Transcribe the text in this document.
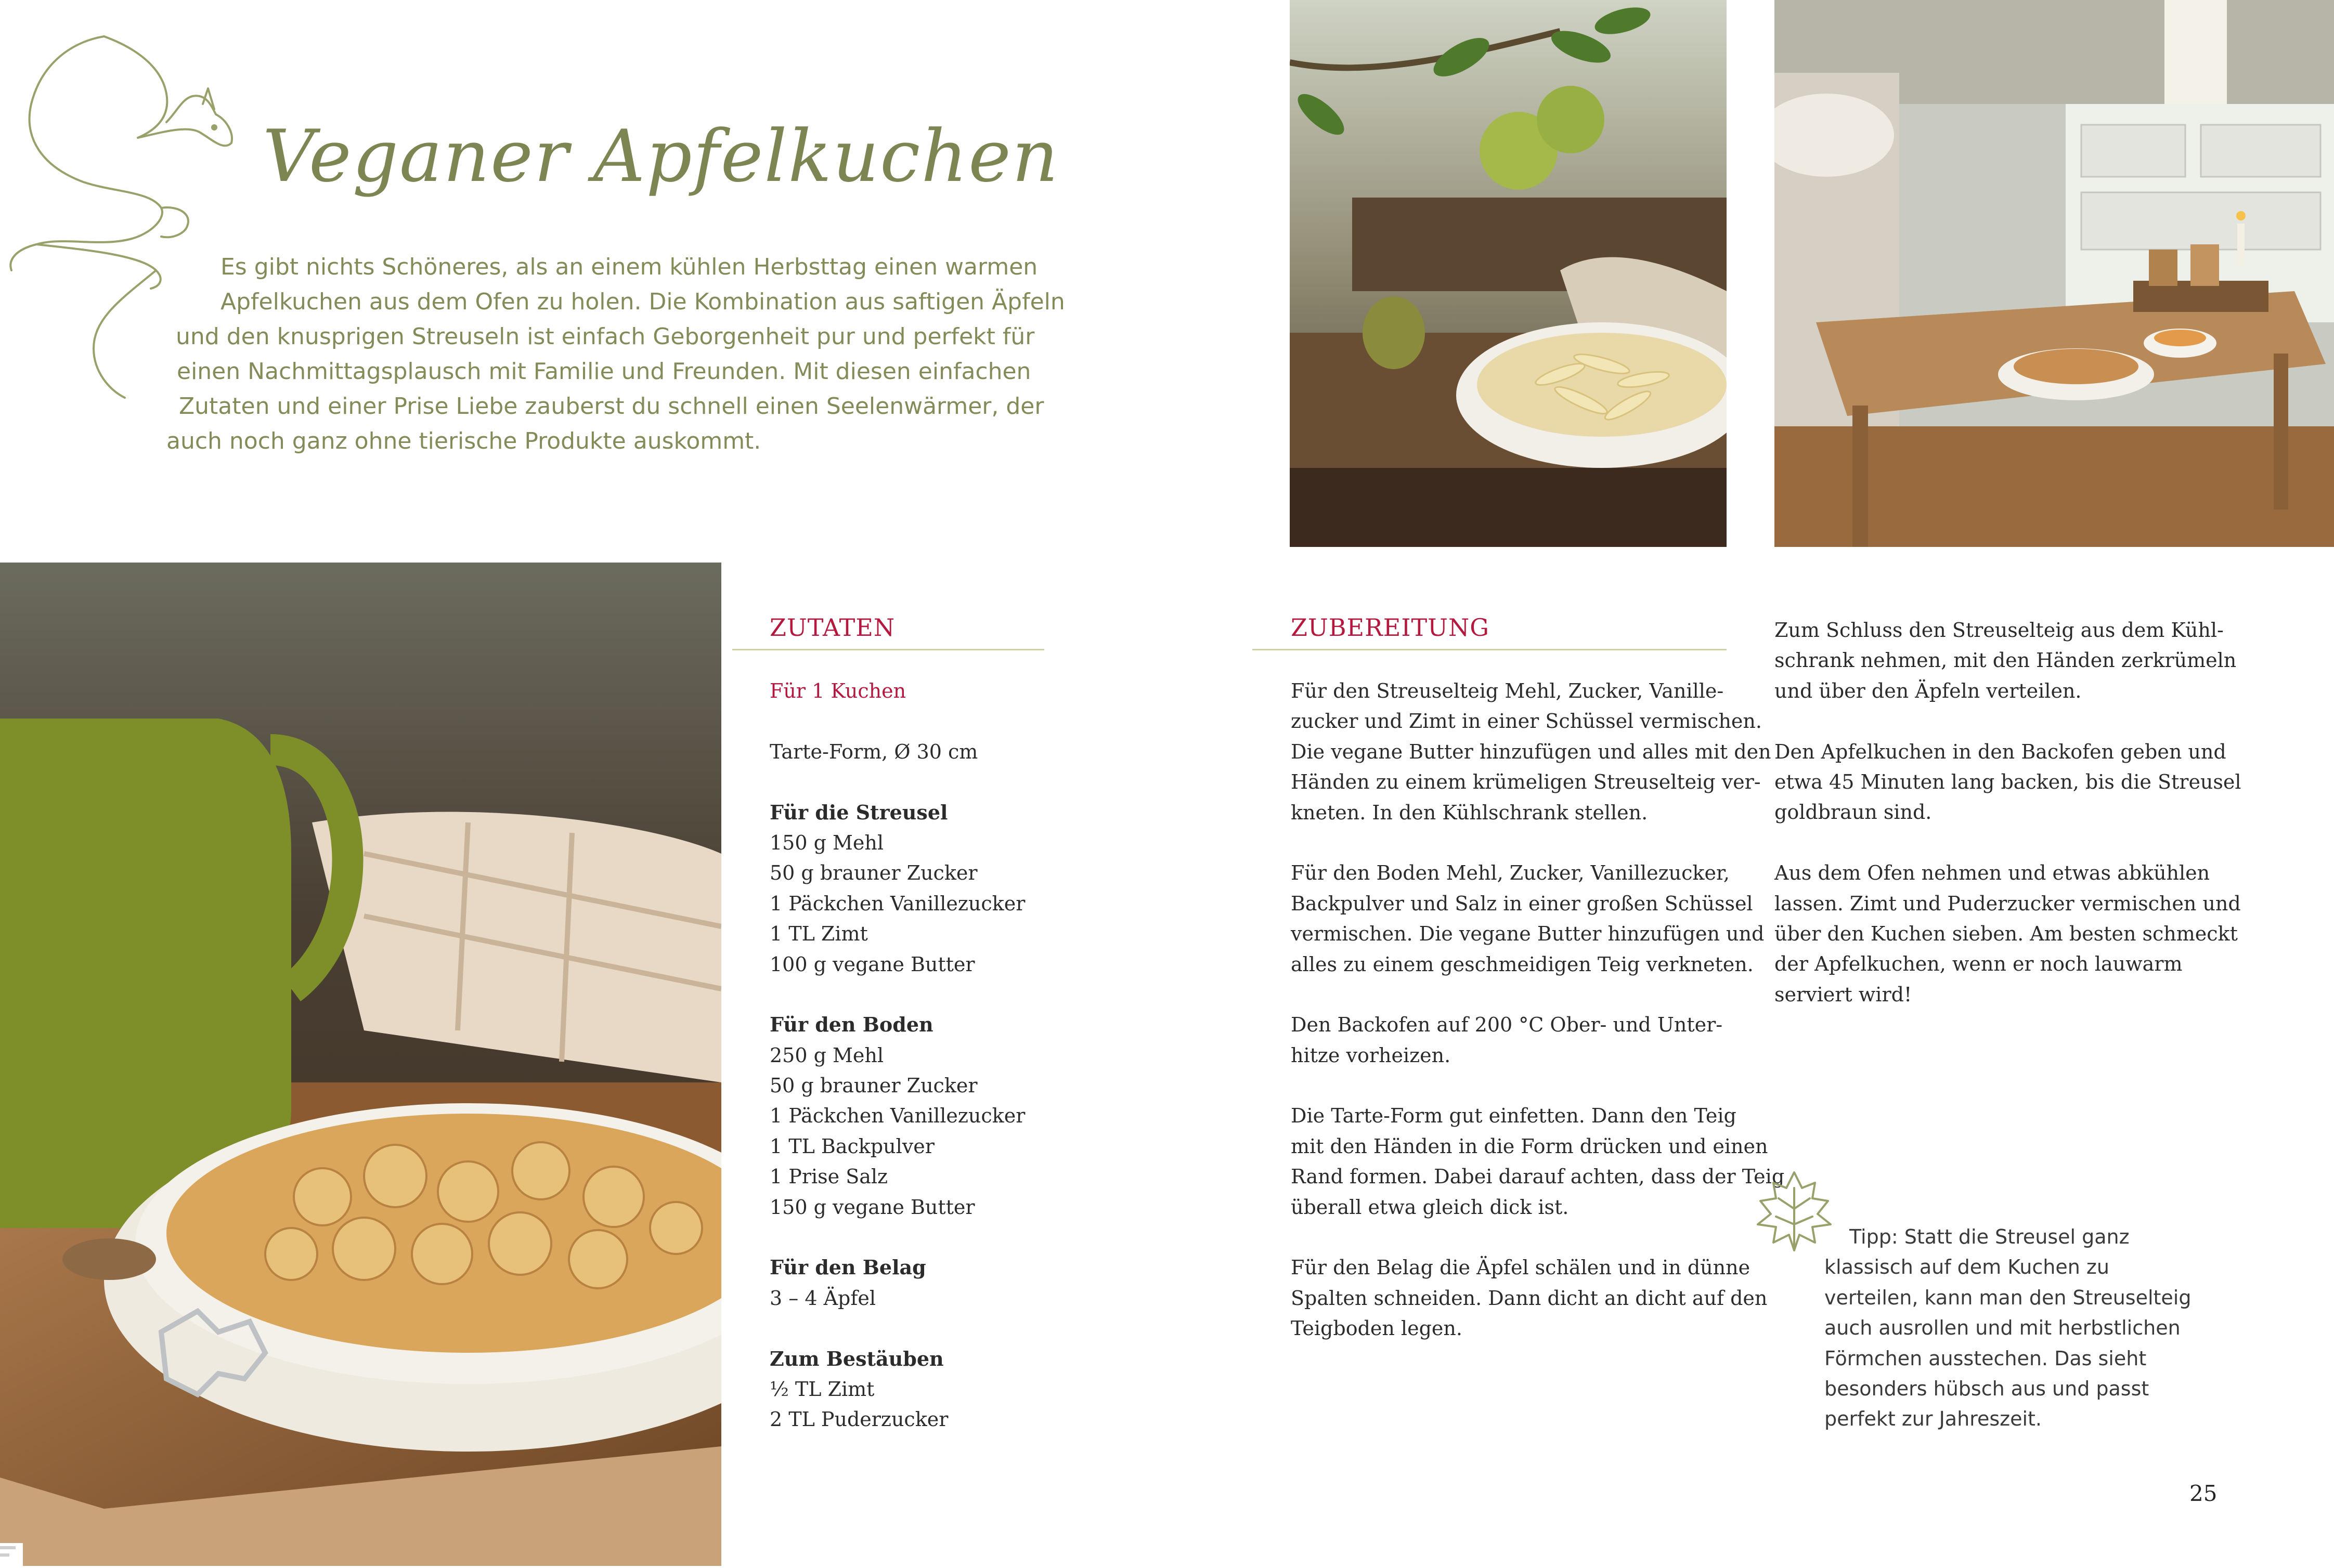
Veganer Apfelkuchen

Es gibt nichts Schöneres, als an einem kühlen Herbsttag einen warmen
Apfelkuchen aus dem Ofen zu holen. Die Kombination aus saftigen Äpfeln
und den knusprigen Streuseln ist einfach Geborgenheit pur und perfekt für
einen Nachmittagsplausch mit Familie und Freunden. Mit diesen einfachen
Zutaten und einer Prise Liebe zauberst du schnell einen Seelenwärmer, der
auch noch ganz ohne tierische Produkte auskommt.

ZUTATEN
Für 1 Kuchen
Tarte-Form, Ø 30 cm
Für die Streusel
150 g Mehl
50 g brauner Zucker
1 Päckchen Vanillezucker
1 TL Zimt
100 g vegane Butter
Für den Boden
250 g Mehl
50 g brauner Zucker
1 Päckchen Vanillezucker
1 TL Backpulver
1 Prise Salz
150 g vegane Butter
Für den Belag
3 – 4 Äpfel
Zum Bestäuben
½ TL Zimt
2 TL Puderzucker
ZUBEREITUNG
Für den Streuselteig Mehl, Zucker, Vanille-
zucker und Zimt in einer Schüssel vermischen.
Die vegane Butter hinzufügen und alles mit den
Händen zu einem krümeligen Streuselteig ver-
kneten. In den Kühlschrank stellen.
Für den Boden Mehl, Zucker, Vanillezucker,
Backpulver und Salz in einer großen Schüssel
vermischen. Die vegane Butter hinzufügen und
alles zu einem geschmeidigen Teig verkneten.
Den Backofen auf 200 °C Ober- und Unter-
hitze vorheizen.
Die Tarte-Form gut einfetten. Dann den Teig
mit den Händen in die Form drücken und einen
Rand formen. Dabei darauf achten, dass der Teig
überall etwa gleich dick ist.
Für den Belag die Äpfel schälen und in dünne
Spalten schneiden. Dann dicht an dicht auf den
Teigboden legen.
Zum Schluss den Streuselteig aus dem Kühl-
schrank nehmen, mit den Händen zerkrümeln
und über den Äpfeln verteilen.
Den Apfelkuchen in den Backofen geben und
etwa 45 Minuten lang backen, bis die Streusel
goldbraun sind.
Aus dem Ofen nehmen und etwas abkühlen
lassen. Zimt und Puderzucker vermischen und
über den Kuchen sieben. Am besten schmeckt
der Apfelkuchen, wenn er noch lauwarm
serviert wird!
Tipp: Statt die Streusel ganz
klassisch auf dem Kuchen zu
verteilen, kann man den Streuselteig
auch ausrollen und mit herbstlichen
Förmchen ausstechen. Das sieht
besonders hübsch aus und passt
perfekt zur Jahreszeit.
25
